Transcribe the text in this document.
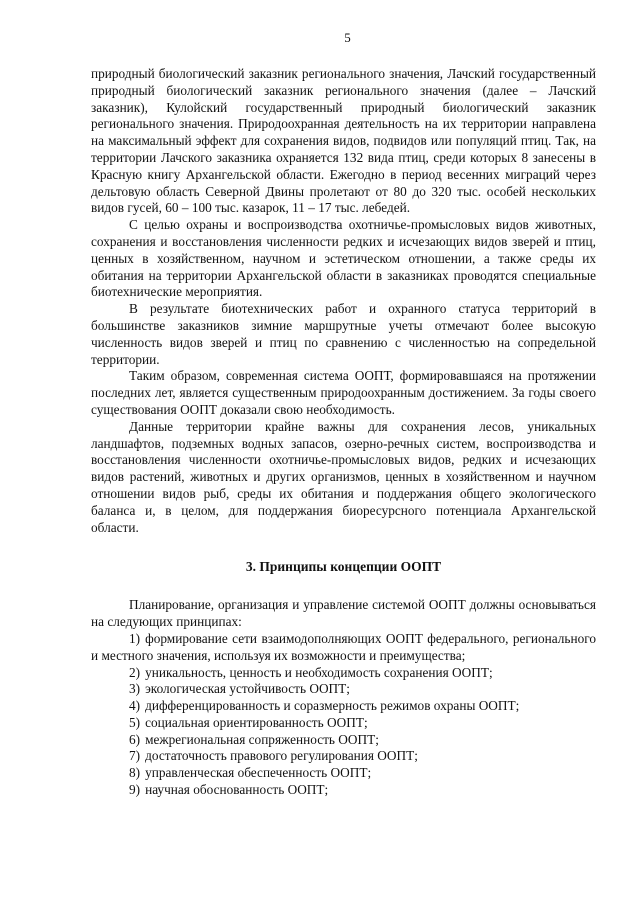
5

природный биологический заказник регионального значения, Лачский государственный природный биологический заказник регионального значения (далее – Лачский заказник), Кулойский государственный природный биологический заказник регионального значения. Природоохранная деятельность на их территории направлена на максимальный эффект для сохранения видов, подвидов или популяций птиц. Так, на территории Лачского заказника охраняется 132 вида птиц, среди которых 8 занесены в Красную книгу Архангельской области. Ежегодно в период весенних миграций через дельтовую область Северной Двины пролетают от 80 до 320 тыс. особей нескольких видов гусей, 60 – 100 тыс. казарок, 11 – 17 тыс. лебедей.

С целью охраны и воспроизводства охотничье-промысловых видов животных, сохранения и восстановления численности редких и исчезающих видов зверей и птиц, ценных в хозяйственном, научном и эстетическом отношении, а также среды их обитания на территории Архангельской области в заказниках проводятся специальные биотехнические мероприятия.

В результате биотехнических работ и охранного статуса территорий в большинстве заказников зимние маршрутные учеты отмечают более высокую численность видов зверей и птиц по сравнению с численностью на сопредельной территории.

Таким образом, современная система ООПТ, формировавшаяся на протяжении последних лет, является существенным природоохранным достижением. За годы своего существования ООПТ доказали свою необходимость.

Данные территории крайне важны для сохранения лесов, уникальных ландшафтов, подземных водных запасов, озерно-речных систем, воспроизводства и восстановления численности охотничье-промысловых видов, редких и исчезающих видов растений, животных и других организмов, ценных в хозяйственном и научном отношении видов рыб, среды их обитания и поддержания общего экологического баланса и, в целом, для поддержания биоресурсного потенциала Архангельской области.

3. Принципы концепции ООПТ

Планирование, организация и управление системой ООПТ должны основываться на следующих принципах:

1) формирование сети взаимодополняющих ООПТ федерального, регионального и местного значения, используя их возможности и преимущества;
2) уникальность, ценность и необходимость сохранения ООПТ;
3) экологическая устойчивость ООПТ;
4) дифференцированность и соразмерность режимов охраны ООПТ;
5) социальная ориентированность ООПТ;
6) межрегиональная сопряженность ООПТ;
7) достаточность правового регулирования ООПТ;
8) управленческая обеспеченность ООПТ;
9) научная обоснованность ООПТ;
